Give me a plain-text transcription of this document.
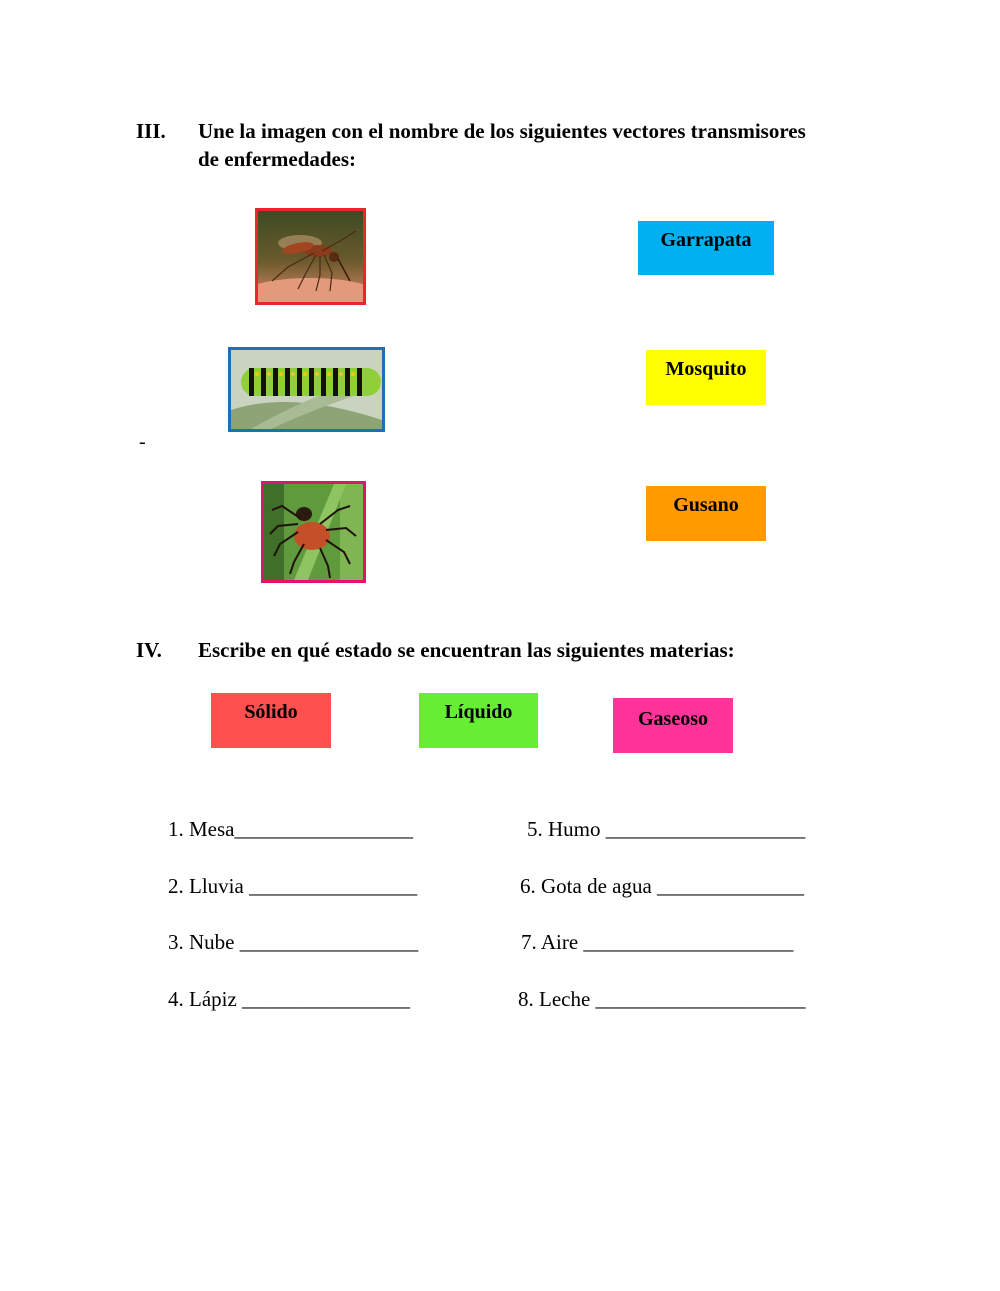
III. Une la imagen con el nombre de los siguientes vectores transmisores
de enfermedades:
-
Garrapata
Mosquito
Gusano
IV. Escribe en qué estado se encuentran las siguientes materias:
Sólido	Líquido	Gaseoso
1. Mesa_________________	5. Humo ___________________
2. Lluvia ________________	6. Gota de agua ______________
3. Nube _________________	7. Aire ____________________
4. Lápiz ________________	8. Leche ____________________
